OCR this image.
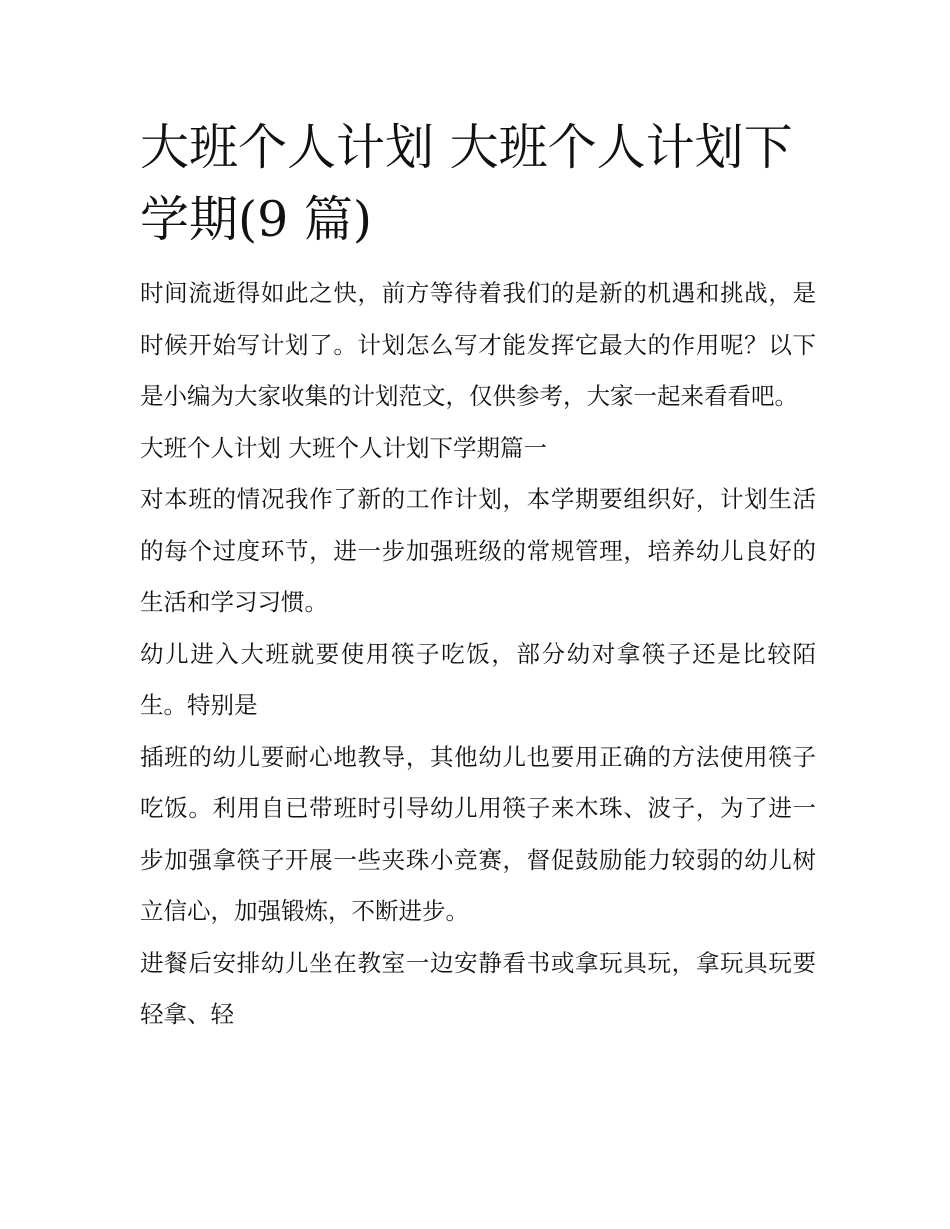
大班个人计划 大班个人计划下学期(9 篇)

时间流逝得如此之快，前方等待着我们的是新的机遇和挑战，是时候开始写计划了。计划怎么写才能发挥它最大的作用呢？以下是小编为大家收集的计划范文，仅供参考，大家一起来看看吧。

大班个人计划 大班个人计划下学期篇一

对本班的情况我作了新的工作计划，本学期要组织好，计划生活的每个过度环节，进一步加强班级的常规管理，培养幼儿良好的生活和学习习惯。

幼儿进入大班就要使用筷子吃饭，部分幼对拿筷子还是比较陌生。特别是

插班的幼儿要耐心地教导，其他幼儿也要用正确的方法使用筷子吃饭。利用自已带班时引导幼儿用筷子来木珠、波子，为了进一步加强拿筷子开展一些夹珠小竞赛，督促鼓励能力较弱的幼儿树立信心，加强锻炼，不断进步。

进餐后安排幼儿坐在教室一边安静看书或拿玩具玩，拿玩具玩要轻拿、轻
